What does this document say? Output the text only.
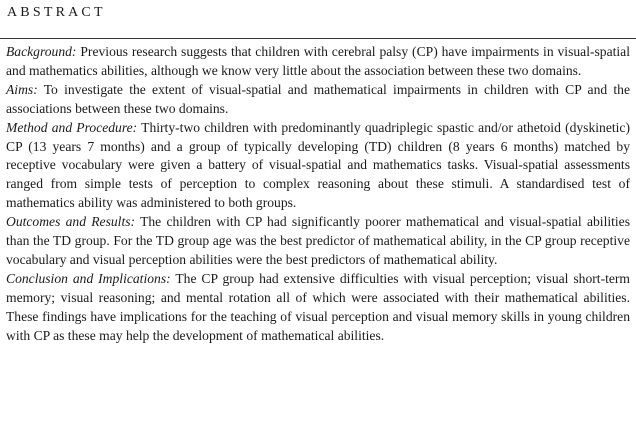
ABSTRACT

Background: Previous research suggests that children with cerebral palsy (CP) have impairments in visual-spatial and mathematics abilities, although we know very little about the association between these two domains.

Aims: To investigate the extent of visual-spatial and mathematical impairments in children with CP and the associations between these two domains.

Method and Procedure: Thirty-two children with predominantly quadriplegic spastic and/or athetoid (dyskinetic) CP (13 years 7 months) and a group of typically developing (TD) children (8 years 6 months) matched by receptive vocabulary were given a battery of visual-spatial and mathematics tasks. Visual-spatial assessments ranged from simple tests of perception to complex reasoning about these stimuli. A standardised test of mathematics ability was administered to both groups.

Outcomes and Results: The children with CP had significantly poorer mathematical and visual-spatial abilities than the TD group. For the TD group age was the best predictor of mathematical ability, in the CP group receptive vocabulary and visual perception abilities were the best predictors of mathematical ability.

Conclusion and Implications: The CP group had extensive difficulties with visual perception; visual short-term memory; visual reasoning; and mental rotation all of which were associated with their mathematical abilities. These findings have implications for the teaching of visual perception and visual memory skills in young children with CP as these may help the development of mathematical abilities.
